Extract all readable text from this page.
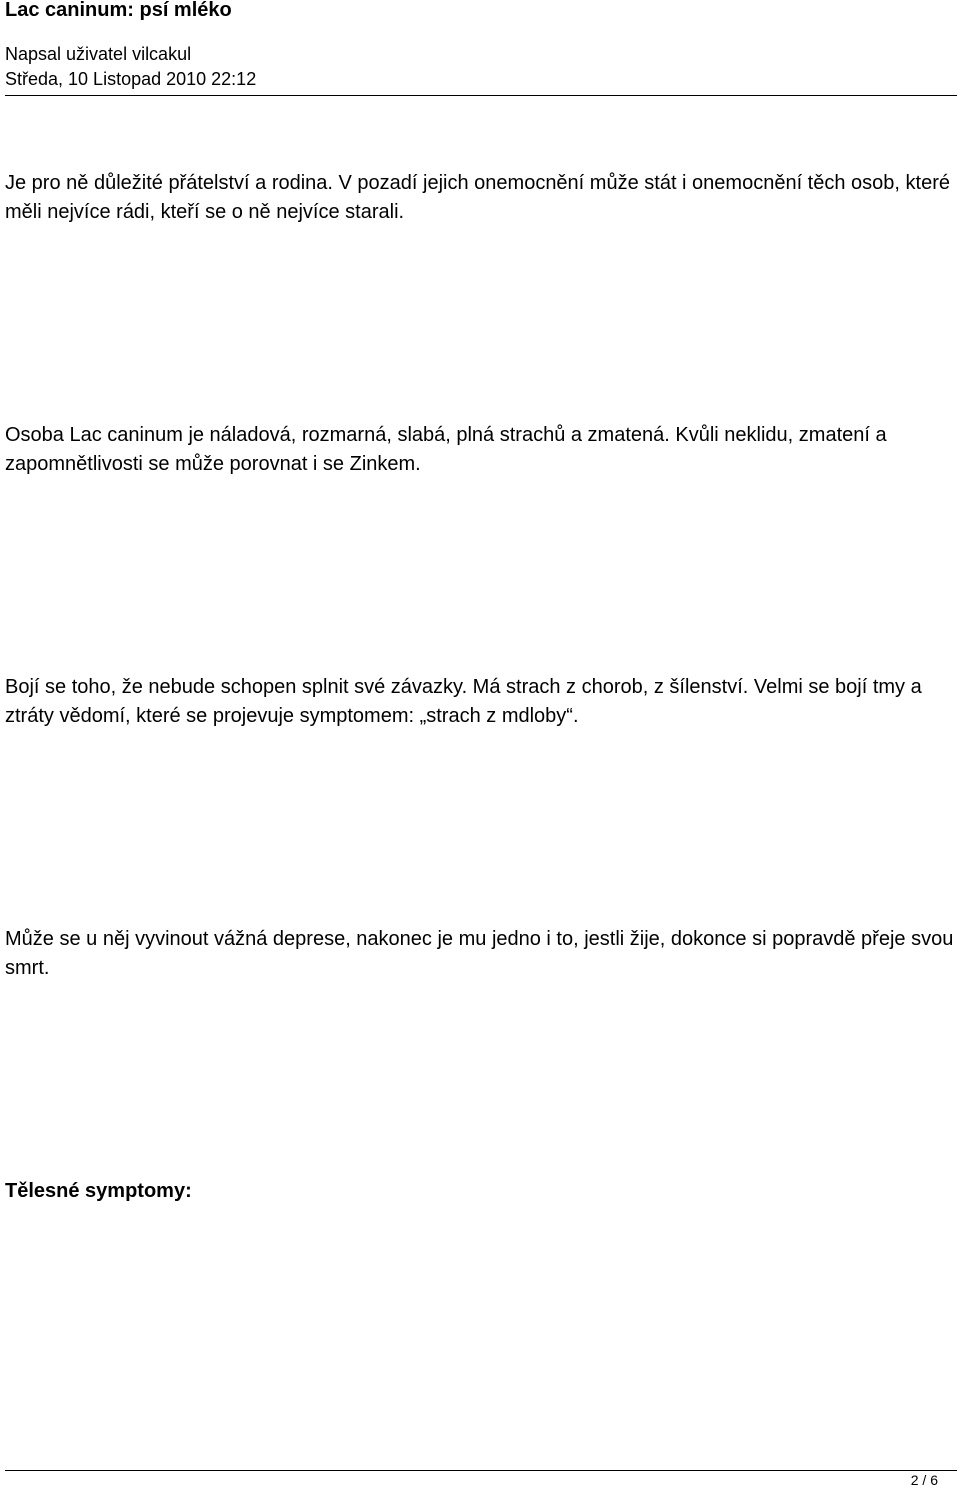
Lac caninum: psí mléko
Napsal uživatel vilcakul
Středa, 10 Listopad 2010 22:12

Je pro ně důležité přátelství a rodina. V pozadí jejich onemocnění může stát i onemocnění těch osob, které měli nejvíce rádi, kteří se o ně nejvíce starali.

Osoba Lac caninum je náladová, rozmarná, slabá, plná strachů a zmatená. Kvůli neklidu, zmatení a zapomnětlivosti se může porovnat i se Zinkem.

Bojí se toho, že nebude schopen splnit své závazky. Má strach z chorob, z šílenství. Velmi se bojí tmy a ztráty vědomí, které se projevuje symptomem: „strach z mdloby“.

Může se u něj vyvinout vážná deprese, nakonec je mu jedno i to, jestli žije, dokonce si popravdě přeje svou smrt.

Tělesné symptomy:
2 / 6
